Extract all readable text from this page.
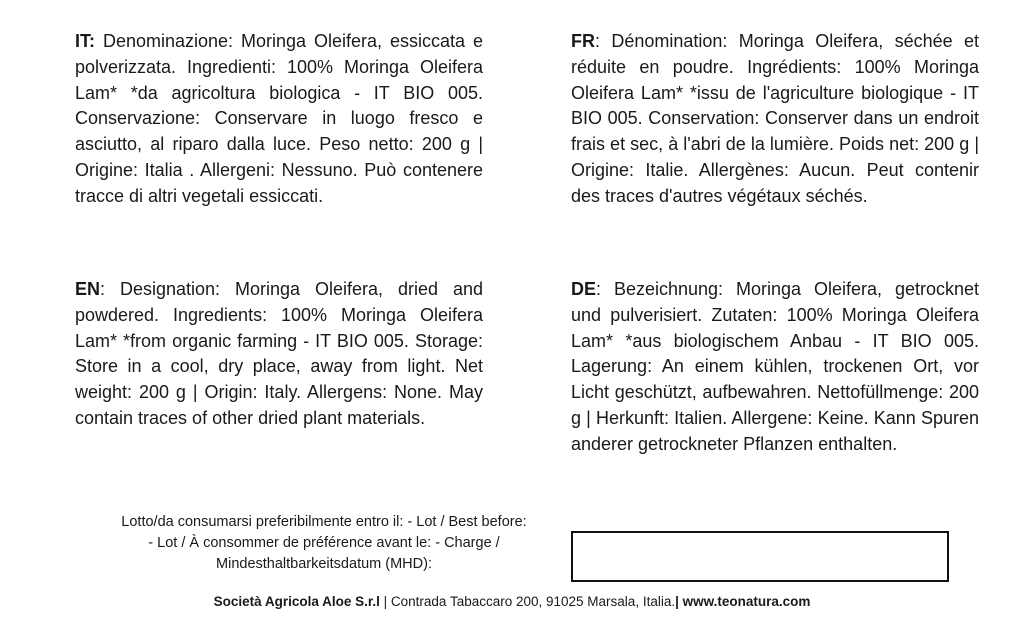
IT: Denominazione: Moringa Oleifera, essiccata e polverizzata. Ingredienti: 100% Moringa Oleifera Lam* *da agricoltura biologica - IT BIO 005. Conservazione: Conservare in luogo fresco e asciutto, al riparo dalla luce. Peso netto: 200 g | Origine: Italia . Allergeni: Nessuno. Può contenere tracce di altri vegetali essiccati.
FR: Dénomination: Moringa Oleifera, séchée et réduite en poudre. Ingrédients: 100% Moringa Oleifera Lam* *issu de l'agriculture biologique - IT BIO 005. Conservation: Conserver dans un endroit frais et sec, à l'abri de la lumière. Poids net: 200 g | Origine: Italie. Allergènes: Aucun. Peut contenir des traces d'autres végétaux séchés.
EN: Designation: Moringa Oleifera, dried and powdered. Ingredients: 100% Moringa Oleifera Lam* *from organic farming - IT BIO 005. Storage: Store in a cool, dry place, away from light. Net weight: 200 g | Origin: Italy. Allergens: None. May contain traces of other dried plant materials.
DE: Bezeichnung: Moringa Oleifera, getrocknet und pulverisiert. Zutaten: 100% Moringa Oleifera Lam* *aus biologischem Anbau - IT BIO 005. Lagerung: An einem kühlen, trockenen Ort, vor Licht geschützt, aufbewahren. Nettofüllmenge: 200 g | Herkunft: Italien. Allergene: Keine. Kann Spuren anderer getrockneter Pflanzen enthalten.
Lotto/da consumarsi preferibilmente entro il: - Lot / Best before: - Lot / À consommer de préférence avant le: - Charge / Mindesthaltbarkeitsdatum (MHD):
Società Agricola Aloe S.r.l | Contrada Tabaccaro 200, 91025 Marsala, Italia.| www.teonatura.com
